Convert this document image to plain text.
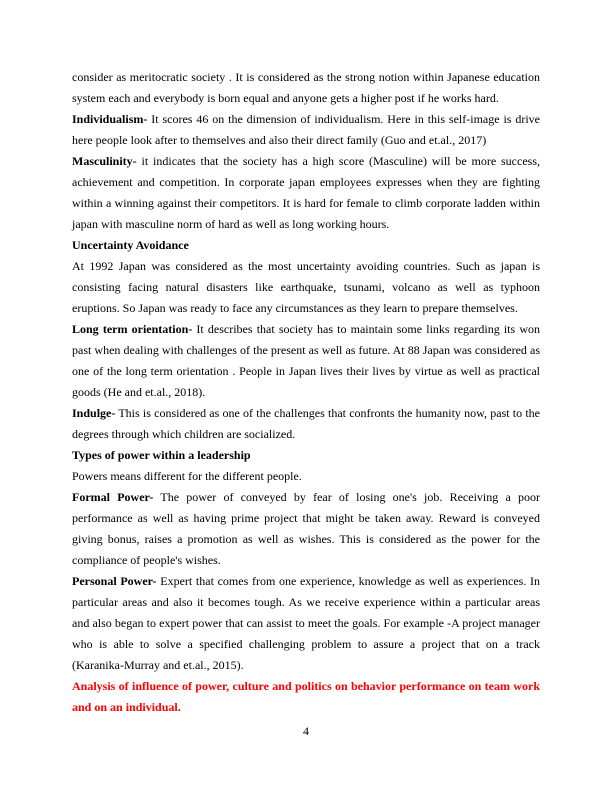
consider as meritocratic society . It is considered as the strong notion within Japanese education system each and everybody is born equal and anyone gets a higher post if he works hard.

Individualism- It scores 46 on the dimension of individualism. Here in this self-image is drive here people look after to themselves and also their direct family (Guo and et.al., 2017)

Masculinity- it indicates that the society has a high score (Masculine) will be more success, achievement and competition. In corporate japan employees expresses when they are fighting within a winning against their competitors. It is hard for female to climb corporate ladden within japan with masculine norm of hard as well as long working hours.

Uncertainty Avoidance

At 1992 Japan was considered as the most uncertainty avoiding countries. Such as japan is consisting facing natural disasters like earthquake, tsunami, volcano as well as typhoon eruptions. So Japan was ready to face any circumstances as they learn to prepare themselves.

Long term orientation- It describes that society has to maintain some links regarding its won past when dealing with challenges of the present as well as future. At 88 Japan was considered as one of the long term orientation . People in Japan lives their lives by virtue as well as practical goods (He and et.al., 2018).

Indulge- This is considered as one of the challenges that confronts the humanity now, past to the degrees through which children are socialized.

Types of power within a leadership

Powers means different for the different people.

Formal Power- The power of conveyed by fear of losing one's job. Receiving a poor performance as well as having prime project that might be taken away. Reward is conveyed giving bonus, raises a promotion as well as wishes. This is considered as the power for the compliance of people's wishes.

Personal Power- Expert that comes from one experience, knowledge as well as experiences. In particular areas and also it becomes tough. As we receive experience within a particular areas and also began to expert power that can assist to meet the goals. For example -A project manager who is able to solve a specified challenging problem to assure a project that on a track (Karanika-Murray and et.al., 2015).

Analysis of influence of power, culture and politics on behavior performance on team work and on an individual.

4
